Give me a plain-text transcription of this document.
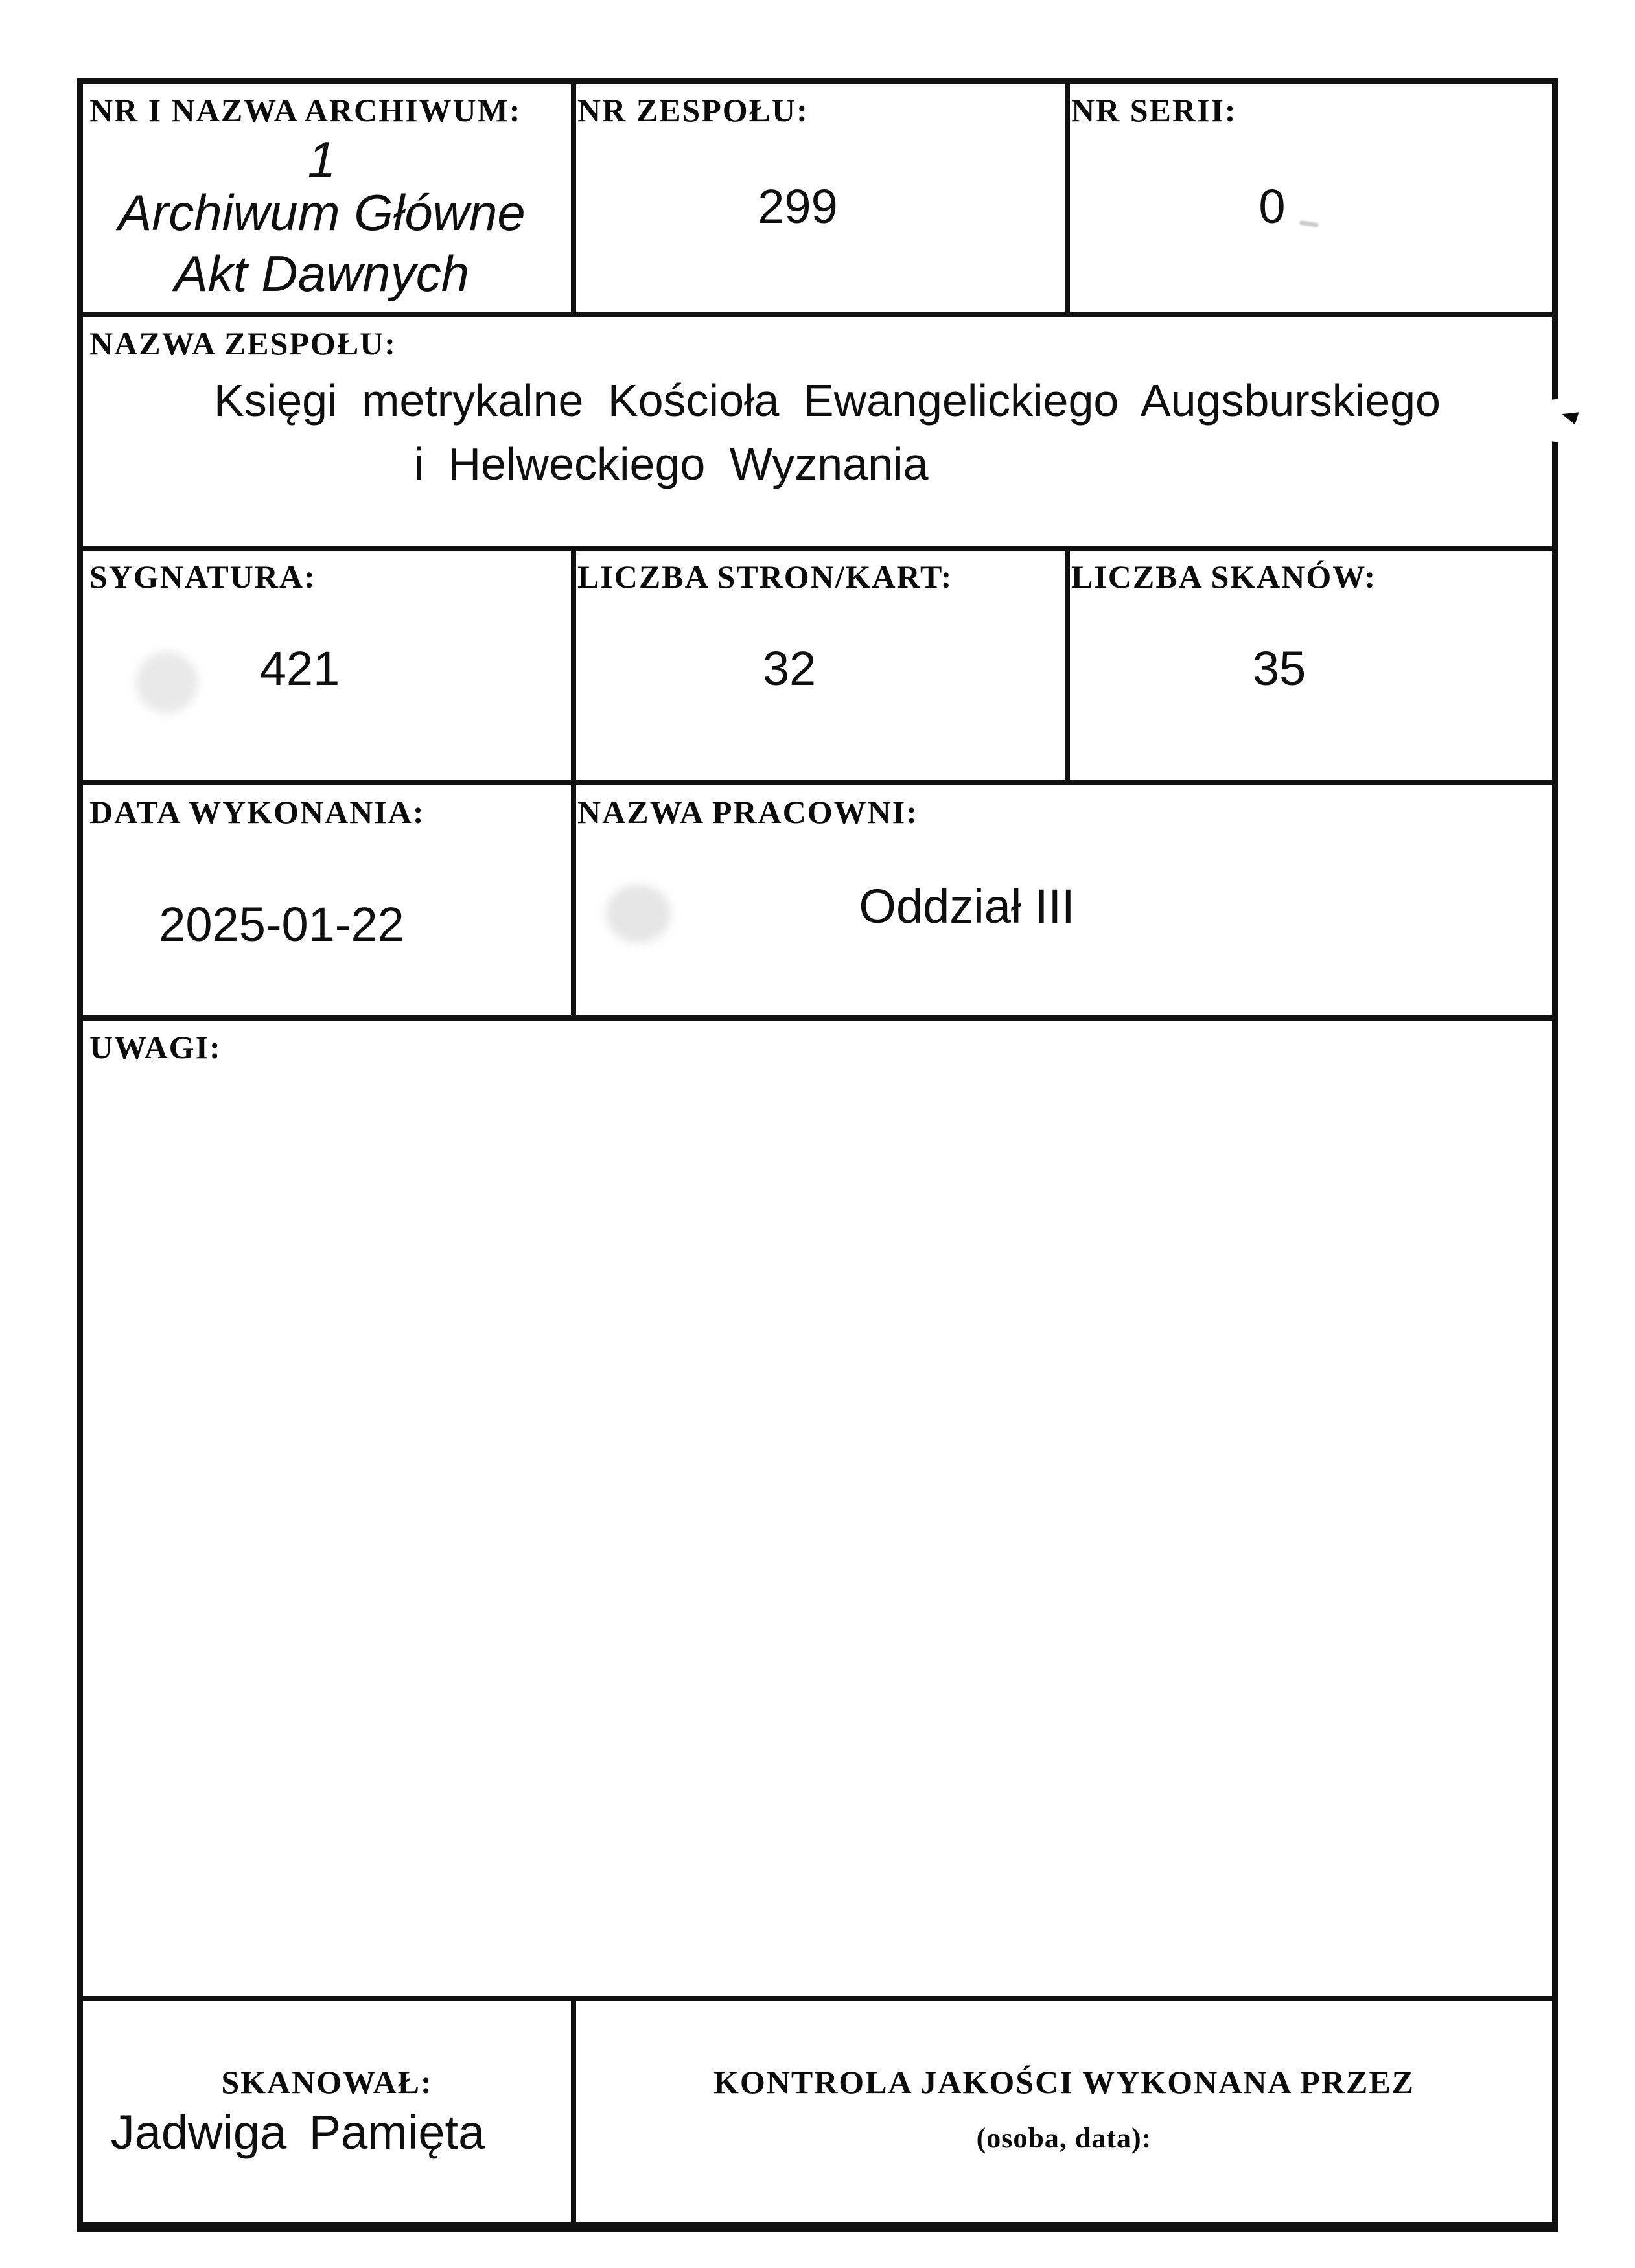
NR I NAZWA ARCHIWUM:
1
Archiwum Główne
Akt Dawnych
NR ZESPOŁU:
299
NR SERII:
0
NAZWA ZESPOŁU:
Księgi metrykalne Kościoła Ewangelickiego Augsburskiego
i Helweckiego Wyznania
SYGNATURA:
421
LICZBA STRON/KART:
32
LICZBA SKANÓW:
35
DATA WYKONANIA:
2025-01-22
NAZWA PRACOWNI:
Oddział III
UWAGI:
SKANOWAŁ:
Jadwiga Pamięta
KONTROLA JAKOŚCI WYKONANA PRZEZ
(osoba, data):
